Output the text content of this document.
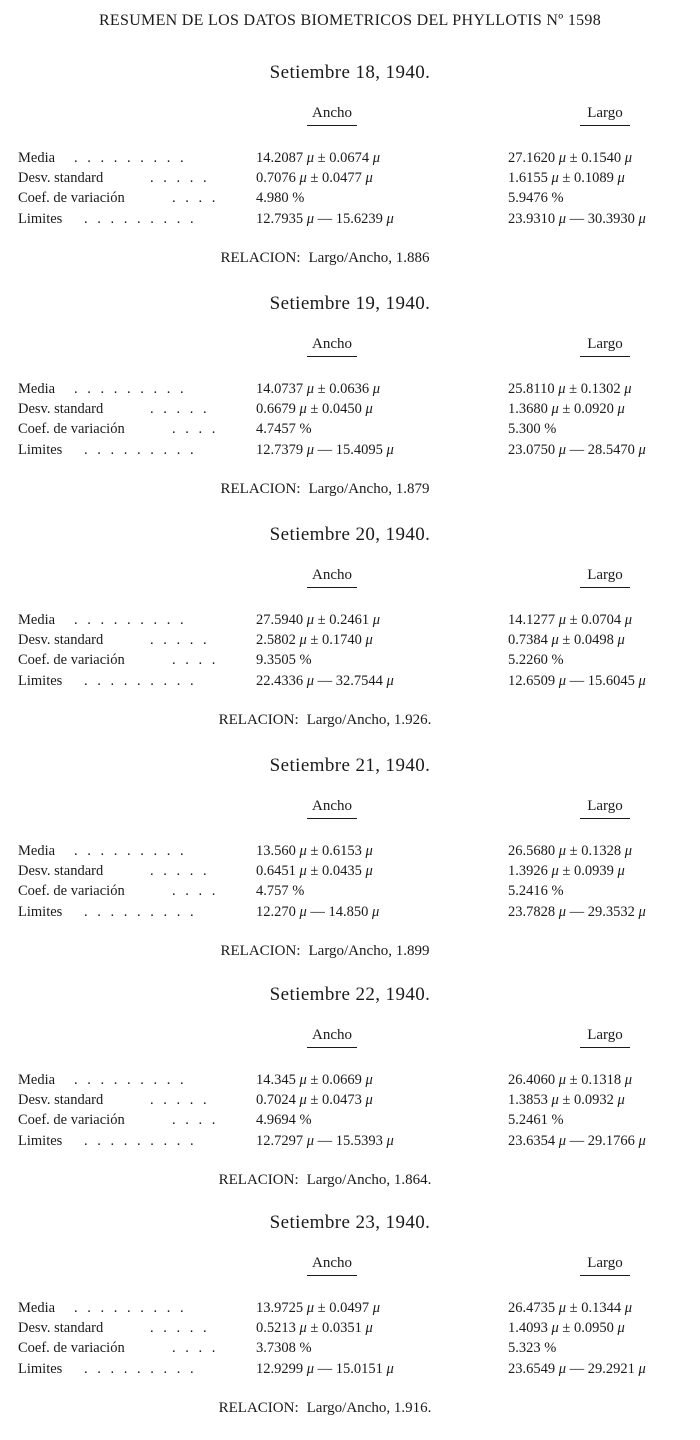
RESUMEN DE LOS DATOS BIOMETRICOS DEL PHYLLOTIS Nº 1598
Setiembre 18, 1940.
Ancho	Largo
Media . . . . . . . . .	14.2087 μ ± 0.0674 μ	27.1620 μ ± 0.1540 μ
Desv. standard	. . . . .	0.7076 μ ± 0.0477 μ	1.6155 μ ± 0.1089 μ
Coef. de variación	. . . .	4.980 %	5.9476 %
Limites . . . . . . . . .	12.7935 μ — 15.6239 μ	23.9310 μ — 30.3930 μ
RELACION: Largo/Ancho, 1.886
Setiembre 19, 1940.
Ancho	Largo
Media . . . . . . . . .	14.0737 μ ± 0.0636 μ	25.8110 μ ± 0.1302 μ
Desv. standard	. . . . .	0.6679 μ ± 0.0450 μ	1.3680 μ ± 0.0920 μ
Coef. de variación	. . . .	4.7457 %	5.300 %
Limites . . . . . . . . .	12.7379 μ — 15.4095 μ	23.0750 μ — 28.5470 μ
RELACION: Largo/Ancho, 1.879
Setiembre 20, 1940.
Ancho	Largo
Media . . . . . . . . .	27.5940 μ ± 0.2461 μ	14.1277 μ ± 0.0704 μ
Desv. standard	. . . . .	2.5802 μ ± 0.1740 μ	0.7384 μ ± 0.0498 μ
Coef. de variación	. . . .	9.3505 %	5.2260 %
Limites . . . . . . . . .	22.4336 μ — 32.7544 μ	12.6509 μ — 15.6045 μ
RELACION: Largo/Ancho, 1.926.
Setiembre 21, 1940.
Ancho	Largo
Media . . . . . . . . .	13.560 μ ± 0.6153 μ	26.5680 μ ± 0.1328 μ
Desv. standard	. . . . .	0.6451 μ ± 0.0435 μ	1.3926 μ ± 0.0939 μ
Coef. de variación	. . . .	4.757 %	5.2416 %
Limites . . . . . . . . .	12.270 μ — 14.850 μ	23.7828 μ — 29.3532 μ
RELACION: Largo/Ancho, 1.899
Setiembre 22, 1940.
Ancho	Largo
Media . . . . . . . . .	14.345 μ ± 0.0669 μ	26.4060 μ ± 0.1318 μ
Desv. standard	. . . . .	0.7024 μ ± 0.0473 μ	1.3853 μ ± 0.0932 μ
Coef. de variación	. . . .	4.9694 %	5.2461 %
Limites . . . . . . . . .	12.7297 μ — 15.5393 μ	23.6354 μ — 29.1766 μ
RELACION: Largo/Ancho, 1.864.
Setiembre 23, 1940.
Ancho	Largo
Media . . . . . . . . .	13.9725 μ ± 0.0497 μ	26.4735 μ ± 0.1344 μ
Desv. standard	. . . . .	0.5213 μ ± 0.0351 μ	1.4093 μ ± 0.0950 μ
Coef. de variación	. . . .	3.7308 %	5.323 %
Limites . . . . . . . . .	12.9299 μ — 15.0151 μ	23.6549 μ — 29.2921 μ
RELACION: Largo/Ancho, 1.916.
